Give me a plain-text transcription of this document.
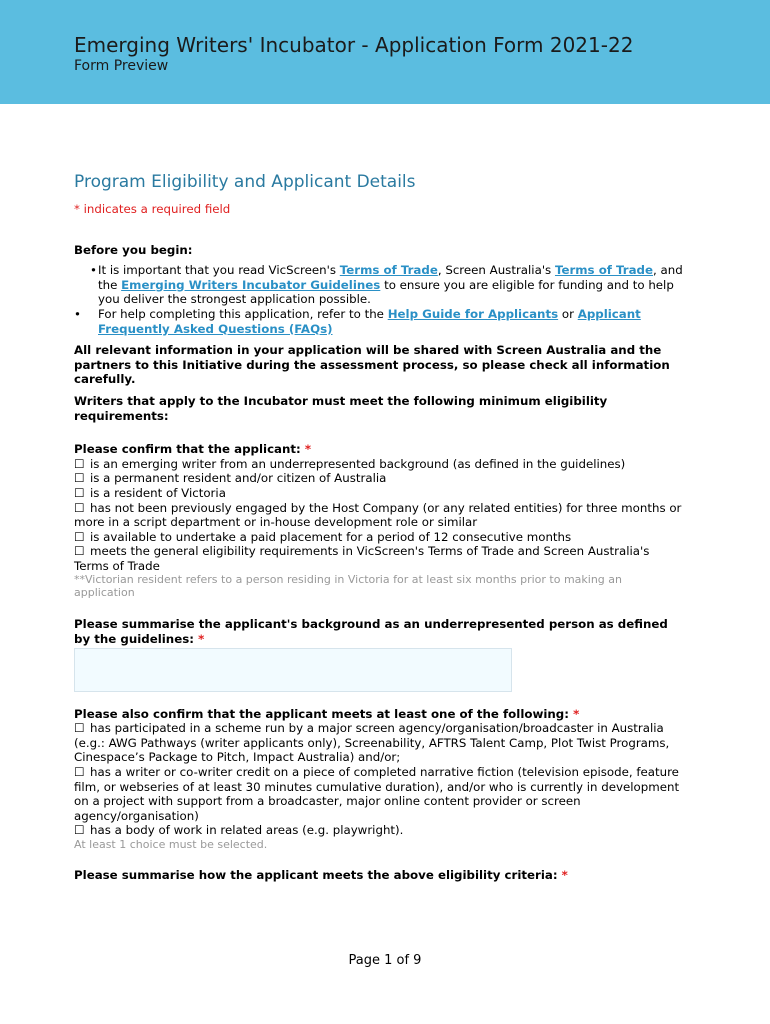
Emerging Writers' Incubator - Application Form 2021-22
Form Preview
Program Eligibility and Applicant Details
* indicates a required field
Before you begin:
• It is important that you read VicScreen's Terms of Trade, Screen Australia's Terms of Trade, and the Emerging Writers Incubator Guidelines to ensure you are eligible for funding and to help you deliver the strongest application possible.
• For help completing this application, refer to the Help Guide for Applicants or Applicant Frequently Asked Questions (FAQs)
All relevant information in your application will be shared with Screen Australia and the partners to this Initiative during the assessment process, so please check all information carefully.
Writers that apply to the Incubator must meet the following minimum eligibility requirements:
Please confirm that the applicant: *
☐ is an emerging writer from an underrepresented background (as defined in the guidelines)
☐ is a permanent resident and/or citizen of Australia
☐ is a resident of Victoria
☐ has not been previously engaged by the Host Company (or any related entities) for three months or more in a script department or in-house development role or similar
☐ is available to undertake a paid placement for a period of 12 consecutive months
☐ meets the general eligibility requirements in VicScreen's Terms of Trade and Screen Australia's Terms of Trade
**Victorian resident refers to a person residing in Victoria for at least six months prior to making an application
Please summarise the applicant's background as an underrepresented person as defined by the guidelines: *
Please also confirm that the applicant meets at least one of the following: *
☐ has participated in a scheme run by a major screen agency/organisation/broadcaster in Australia (e.g.: AWG Pathways (writer applicants only), Screenability, AFTRS Talent Camp, Plot Twist Programs, Cinespace’s Package to Pitch, Impact Australia) and/or;
☐ has a writer or co-writer credit on a piece of completed narrative fiction (television episode, feature film, or webseries of at least 30 minutes cumulative duration), and/or who is currently in development on a project with support from a broadcaster, major online content provider or screen agency/organisation)
☐ has a body of work in related areas (e.g. playwright).
At least 1 choice must be selected.
Please summarise how the applicant meets the above eligibility criteria: *
Page 1 of 9
